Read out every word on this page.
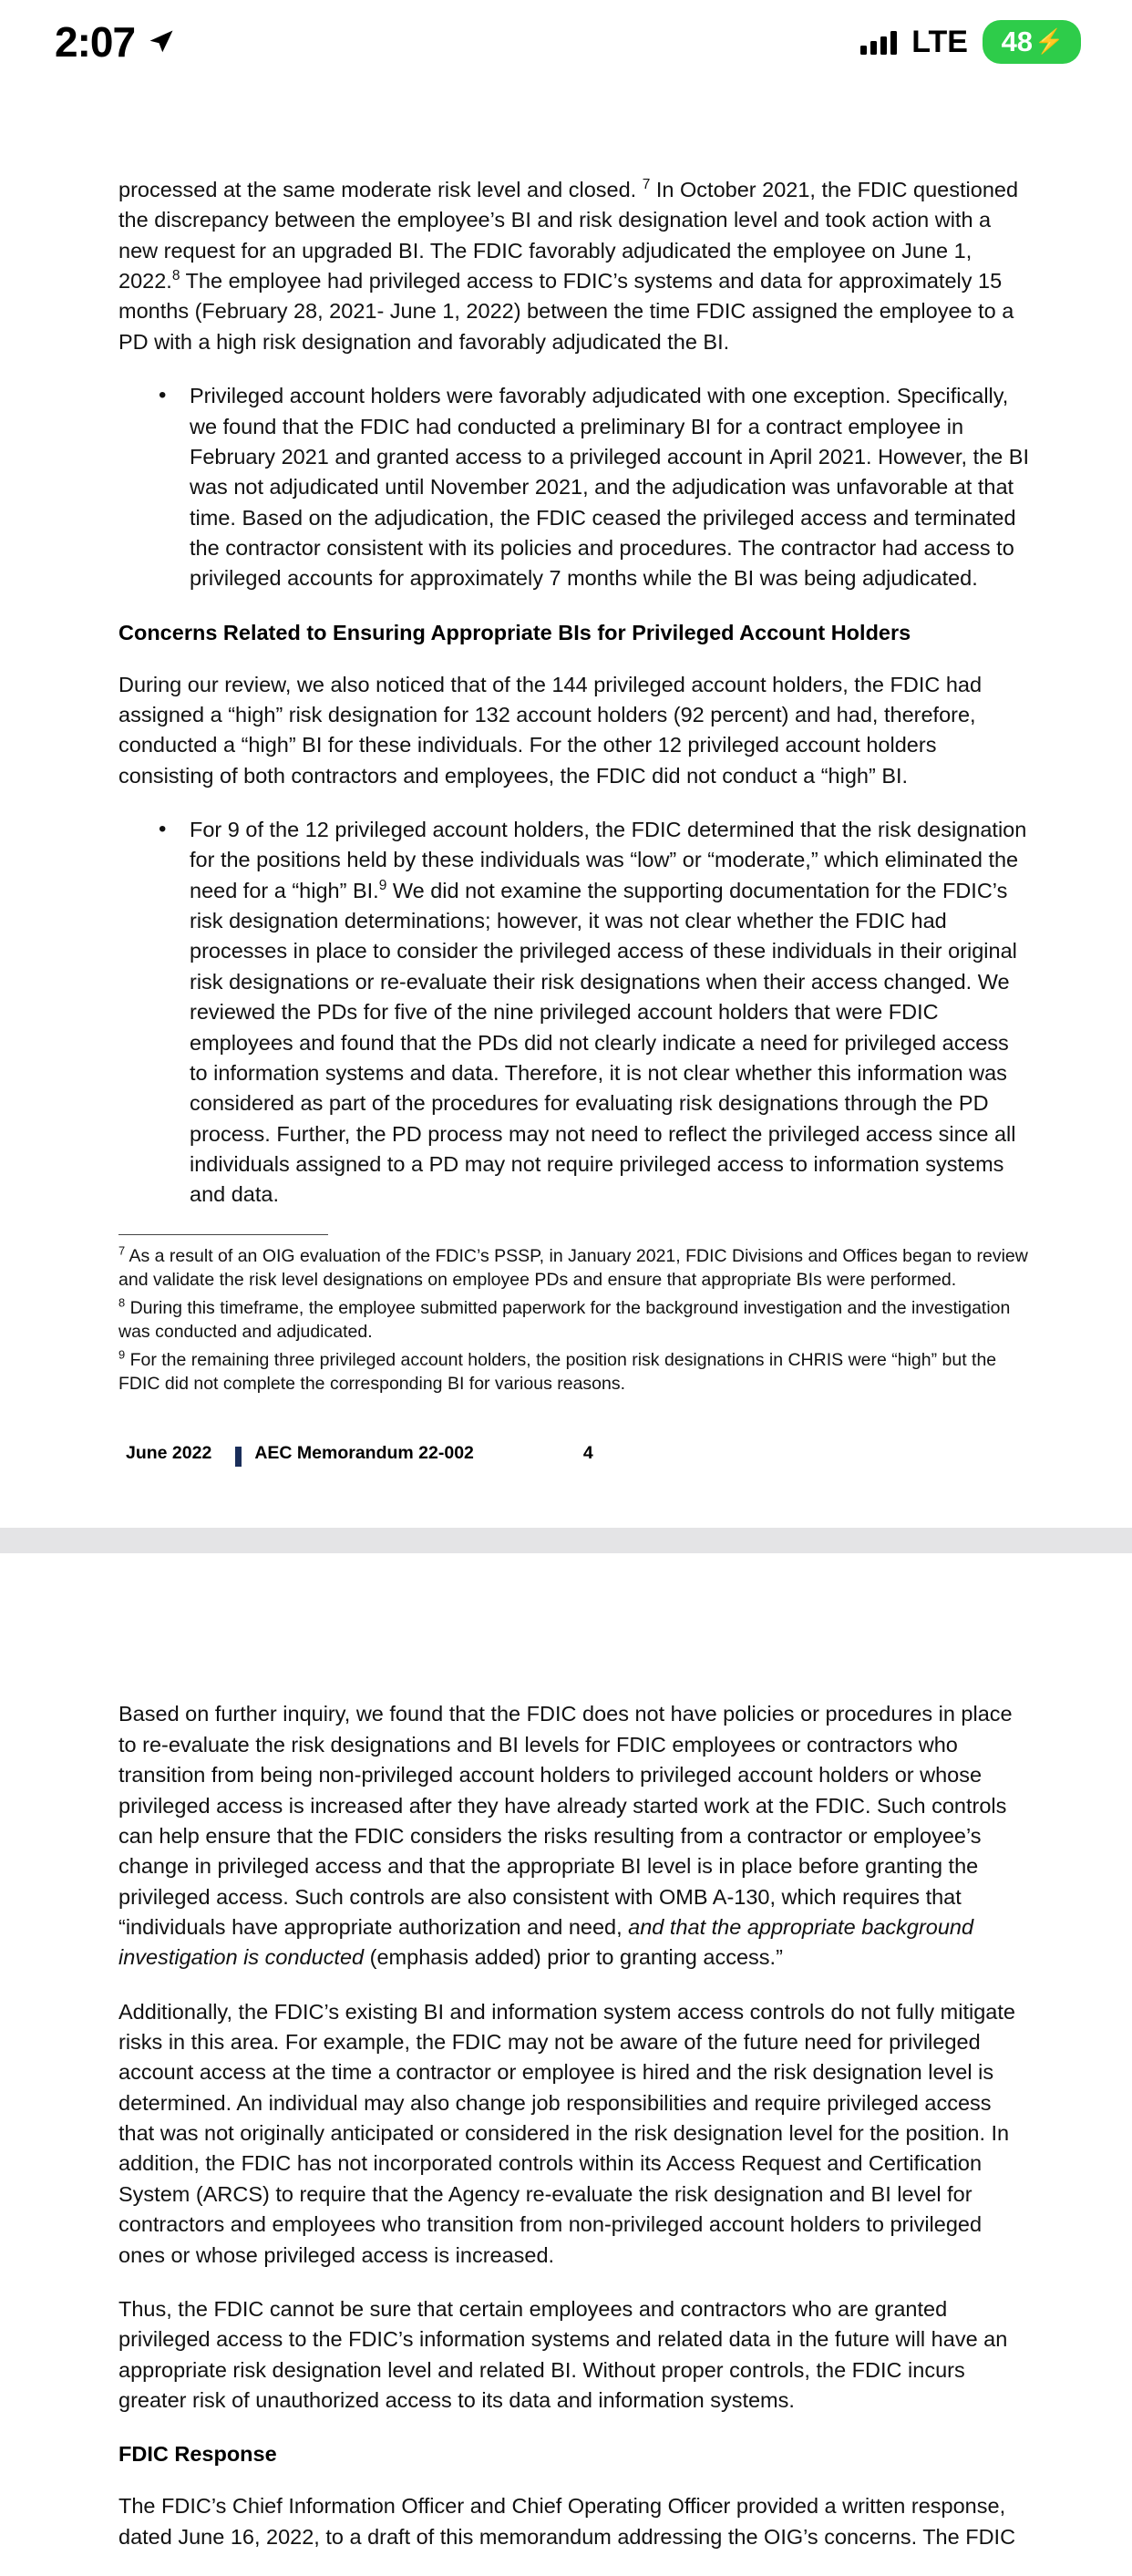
2:07	LTE 48 ⚡

processed at the same moderate risk level and closed. $^7$ In October 2021, the FDIC questioned the discrepancy between the employee’s BI and risk designation level and took action with a new request for an upgraded BI. The FDIC favorably adjudicated the employee on June 1, 2022.$^8$ The employee had privileged access to FDIC’s systems and data for approximately 15 months (February 28, 2021- June 1, 2022) between the time FDIC assigned the employee to a PD with a high risk designation and favorably adjudicated the BI.

• Privileged account holders were favorably adjudicated with one exception. Specifically, we found that the FDIC had conducted a preliminary BI for a contract employee in February 2021 and granted access to a privileged account in April 2021. However, the BI was not adjudicated until November 2021, and the adjudication was unfavorable at that time. Based on the adjudication, the FDIC ceased the privileged access and terminated the contractor consistent with its policies and procedures. The contractor had access to privileged accounts for approximately 7 months while the BI was being adjudicated.
Concerns Related to Ensuring Appropriate BIs for Privileged Account Holders

During our review, we also noticed that of the 144 privileged account holders, the FDIC had assigned a “high” risk designation for 132 account holders (92 percent) and had, therefore, conducted a “high” BI for these individuals. For the other 12 privileged account holders consisting of both contractors and employees, the FDIC did not conduct a “high” BI.

• For 9 of the 12 privileged account holders, the FDIC determined that the risk designation for the positions held by these individuals was “low” or “moderate,” which eliminated the need for a “high” BI.$^9$ We did not examine the supporting documentation for the FDIC’s risk designation determinations; however, it was not clear whether the FDIC had processes in place to consider the privileged access of these individuals in their original risk designations or re-evaluate their risk designations when their access changed. We reviewed the PDs for five of the nine privileged account holders that were FDIC employees and found that the PDs did not clearly indicate a need for privileged access to information systems and data. Therefore, it is not clear whether this information was considered as part of the procedures for evaluating risk designations through the PD process. Further, the PD process may not need to reflect the privileged access since all individuals assigned to a PD may not require privileged access to information systems and data.

$^7$ As a result of an OIG evaluation of the FDIC’s PSSP, in January 2021, FDIC Divisions and Offices began to review and validate the risk level designations on employee PDs and ensure that appropriate BIs were performed.

$^8$ During this timeframe, the employee submitted paperwork for the background investigation and the investigation was conducted and adjudicated.

$^9$ For the remaining three privileged account holders, the position risk designations in CHRIS were “high” but the FDIC did not complete the corresponding BI for various reasons.

June 2022 AEC Memorandum 22-002	4

Based on further inquiry, we found that the FDIC does not have policies or procedures in place to re-evaluate the risk designations and BI levels for FDIC employees or contractors who transition from being non-privileged account holders to privileged account holders or whose privileged access is increased after they have already started work at the FDIC. Such controls can help ensure that the FDIC considers the risks resulting from a contractor or employee’s change in privileged access and that the appropriate BI level is in place before granting the privileged access. Such controls are also consistent with OMB A-130, which requires that “individuals have appropriate authorization and need, and that the appropriate background investigation is conducted (emphasis added) prior to granting access.”

Additionally, the FDIC’s existing BI and information system access controls do not fully mitigate risks in this area. For example, the FDIC may not be aware of the future need for privileged account access at the time a contractor or employee is hired and the risk designation level is determined. An individual may also change job responsibilities and require privileged access that was not originally anticipated or considered in the risk designation level for the position. In addition, the FDIC has not incorporated controls within its Access Request and Certification System (ARCS) to require that the Agency re-evaluate the risk designation and BI level for contractors and employees who transition from non-privileged account holders to privileged ones or whose privileged access is increased.

Thus, the FDIC cannot be sure that certain employees and contractors who are granted privileged access to the FDIC’s information systems and related data in the future will have an appropriate risk designation level and related BI. Without proper controls, the FDIC incurs greater risk of unauthorized access to its data and information systems.

FDIC Response

The FDIC’s Chief Information Officer and Chief Operating Officer provided a written response, dated June 16, 2022, to a draft of this memorandum addressing the OIG’s concerns. The FDIC
